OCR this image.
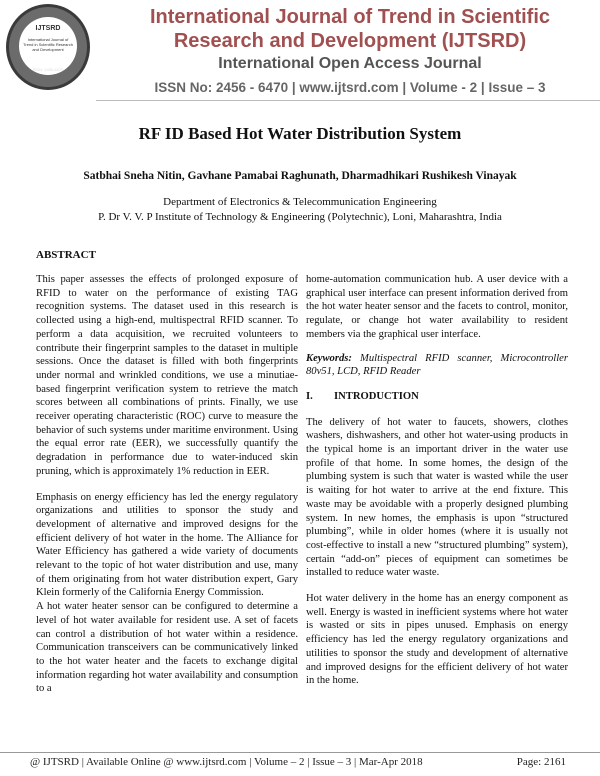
IJTSRD
International Journal of Trend in Scientific Research and Development
ISSN: 2456-6470
International Journal of Trend in Scientific
Research and Development (IJTSRD)
International Open Access Journal
ISSN No: 2456 - 6470 | www.ijtsrd.com | Volume - 2 | Issue – 3
RF ID Based Hot Water Distribution System
Satbhai Sneha Nitin, Gavhane Pamabai Raghunath, Dharmadhikari Rushikesh Vinayak
Department of Electronics & Telecommunication Engineering
P. Dr V. V. P Institute of Technology & Engineering (Polytechnic), Loni, Maharashtra, India
ABSTRACT

This paper assesses the effects of prolonged exposure of RFID to water on the performance of existing TAG recognition systems. The dataset used in this research is collected using a high-end, multispectral RFID scanner. To perform a data acquisition, we recruited volunteers to contribute their fingerprint samples to the dataset in multiple sessions. Once the dataset is filled with both fingerprints under normal and wrinkled conditions, we use a minutiae-based fingerprint verification system to retrieve the match scores between all combinations of prints. Finally, we use receiver operating characteristic (ROC) curve to measure the behavior of such systems under maritime environment. Using the equal error rate (EER), we successfully quantify the degradation in performance due to water-induced skin pruning, which is approximately 1% reduction in EER.

Emphasis on energy efficiency has led the energy regulatory organizations and utilities to sponsor the study and development of alternative and improved designs for the efficient delivery of hot water in the home. The Alliance for Water Efficiency has gathered a wide variety of documents relevant to the topic of hot water distribution and use, many of them originating from hot water distribution expert, Gary Klein formerly of the California Energy Commission.

A hot water heater sensor can be configured to determine a level of hot water available for resident use. A set of facets can control a distribution of hot water within a residence. Communication transceivers can be communicatively linked to the hot water heater and the facets to exchange digital information regarding hot water availability and consumption to a

home-automation communication hub. A user device with a graphical user interface can present information derived from the hot water heater sensor and the facets to control, monitor, regulate, or change hot water availability to resident members via the graphical user interface.

Keywords: Multispectral RFID scanner, Microcontroller 80v51, LCD, RFID Reader

I. INTRODUCTION

The delivery of hot water to faucets, showers, clothes washers, dishwashers, and other hot water-using products in the typical home is an important driver in the water use profile of that home. In some homes, the design of the plumbing system is such that water is wasted while the user is waiting for hot water to arrive at the end fixture. This waste may be avoidable with a properly designed plumbing system. In new homes, the emphasis is upon “structured plumbing”, while in older homes (where it is usually not cost-effective to install a new “structured plumbing” system), certain “add-on” pieces of equipment can sometimes be installed to reduce water waste.

Hot water delivery in the home has an energy component as well. Energy is wasted in inefficient systems where hot water is wasted or sits in pipes unused. Emphasis on energy efficiency has led the energy regulatory organizations and utilities to sponsor the study and development of alternative and improved designs for the efficient delivery of hot water in the home.

@ IJTSRD | Available Online @ www.ijtsrd.com | Volume – 2 | Issue – 3 | Mar-Apr 2018	Page: 2161
